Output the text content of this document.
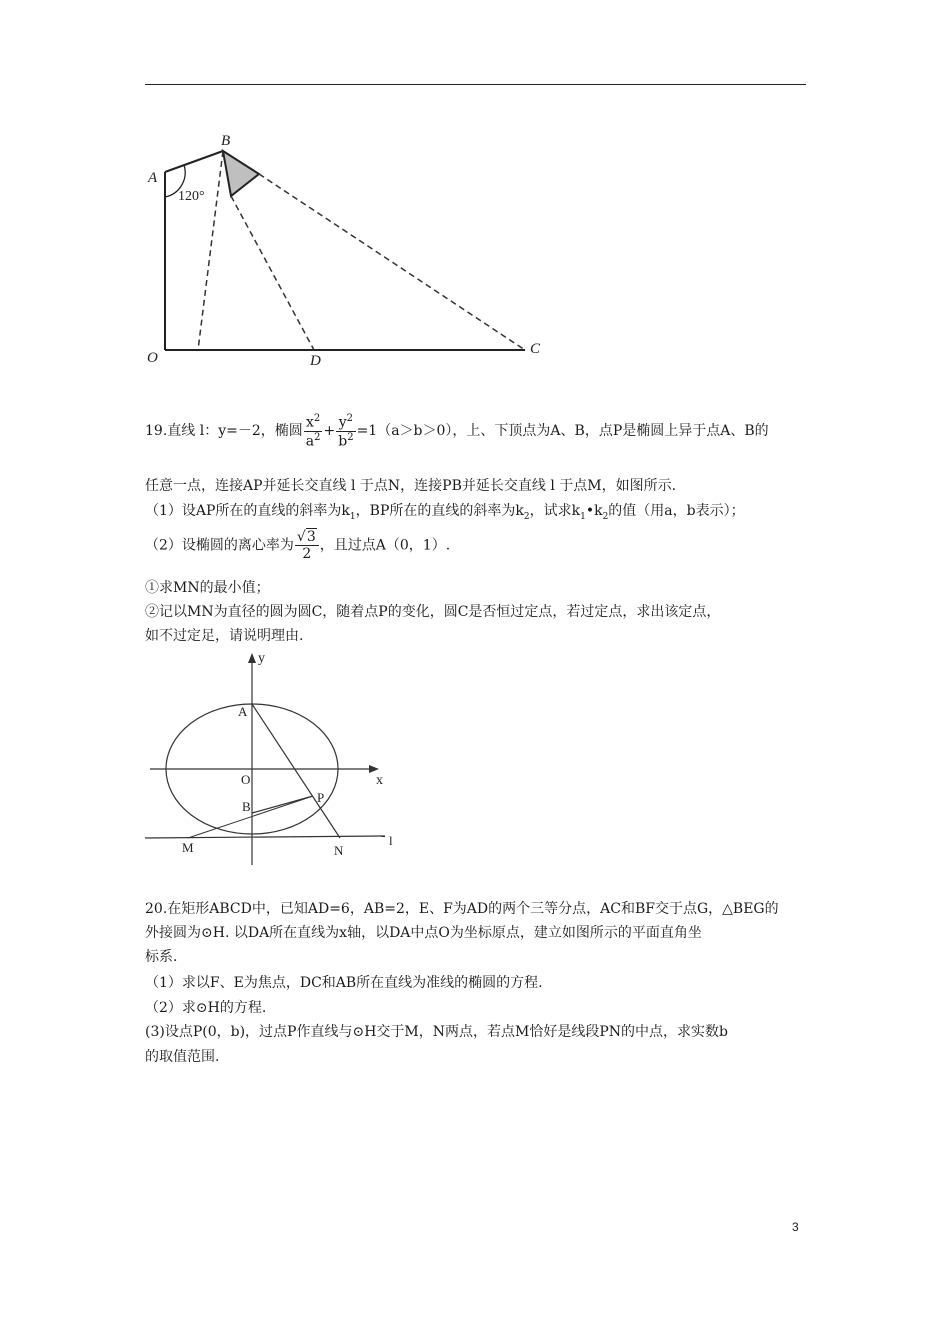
A
B
120°
O	D
C
19.直线 l：y=－2，椭圆 $\frac{x^2}{a^2} + \frac{y^2}{b^2} =1(a>b>0)$，上、下顶点为A、B，点P是椭圆上异于点A、B的
任意一点，连接AP并延长交直线 l 于点N，连接PB并延长交直线 l 于点M，如图所示.
（1）设AP所在的直线的斜率为$k_1$，BP所在的直线的斜率为$k_2$，试求$k_1•k_2$的值（用a，b表示）；
（2）设椭圆的离心率为 $\frac{√3}{2}$ ，且过点A（0，1）.
①求MN的最小值；
②记以MN为直径的圆为圆C，随着点P的变化，圆C是否恒过定点，若过定点，求出该定点，
如不过定足，请说明理由.
y
x
A
O
B
P
M	N
l
20.在矩形ABCD中，已知AD=6，AB=2，E、F为AD的两个三等分点，AC和BF交于点G，△BEG的
外接圆为⊙H. 以DA所在直线为x轴，以DA中点O为坐标原点，建立如图所示的平面直角坐
标系.
（1）求以F、E为焦点，DC和AB所在直线为准线的椭圆的方程.
（2）求⊙H的方程.
(3)设点P(0，b)，过点P作直线与⊙H交于M，N两点，若点M恰好是线段PN的中点，求实数b
的取值范围.
3
